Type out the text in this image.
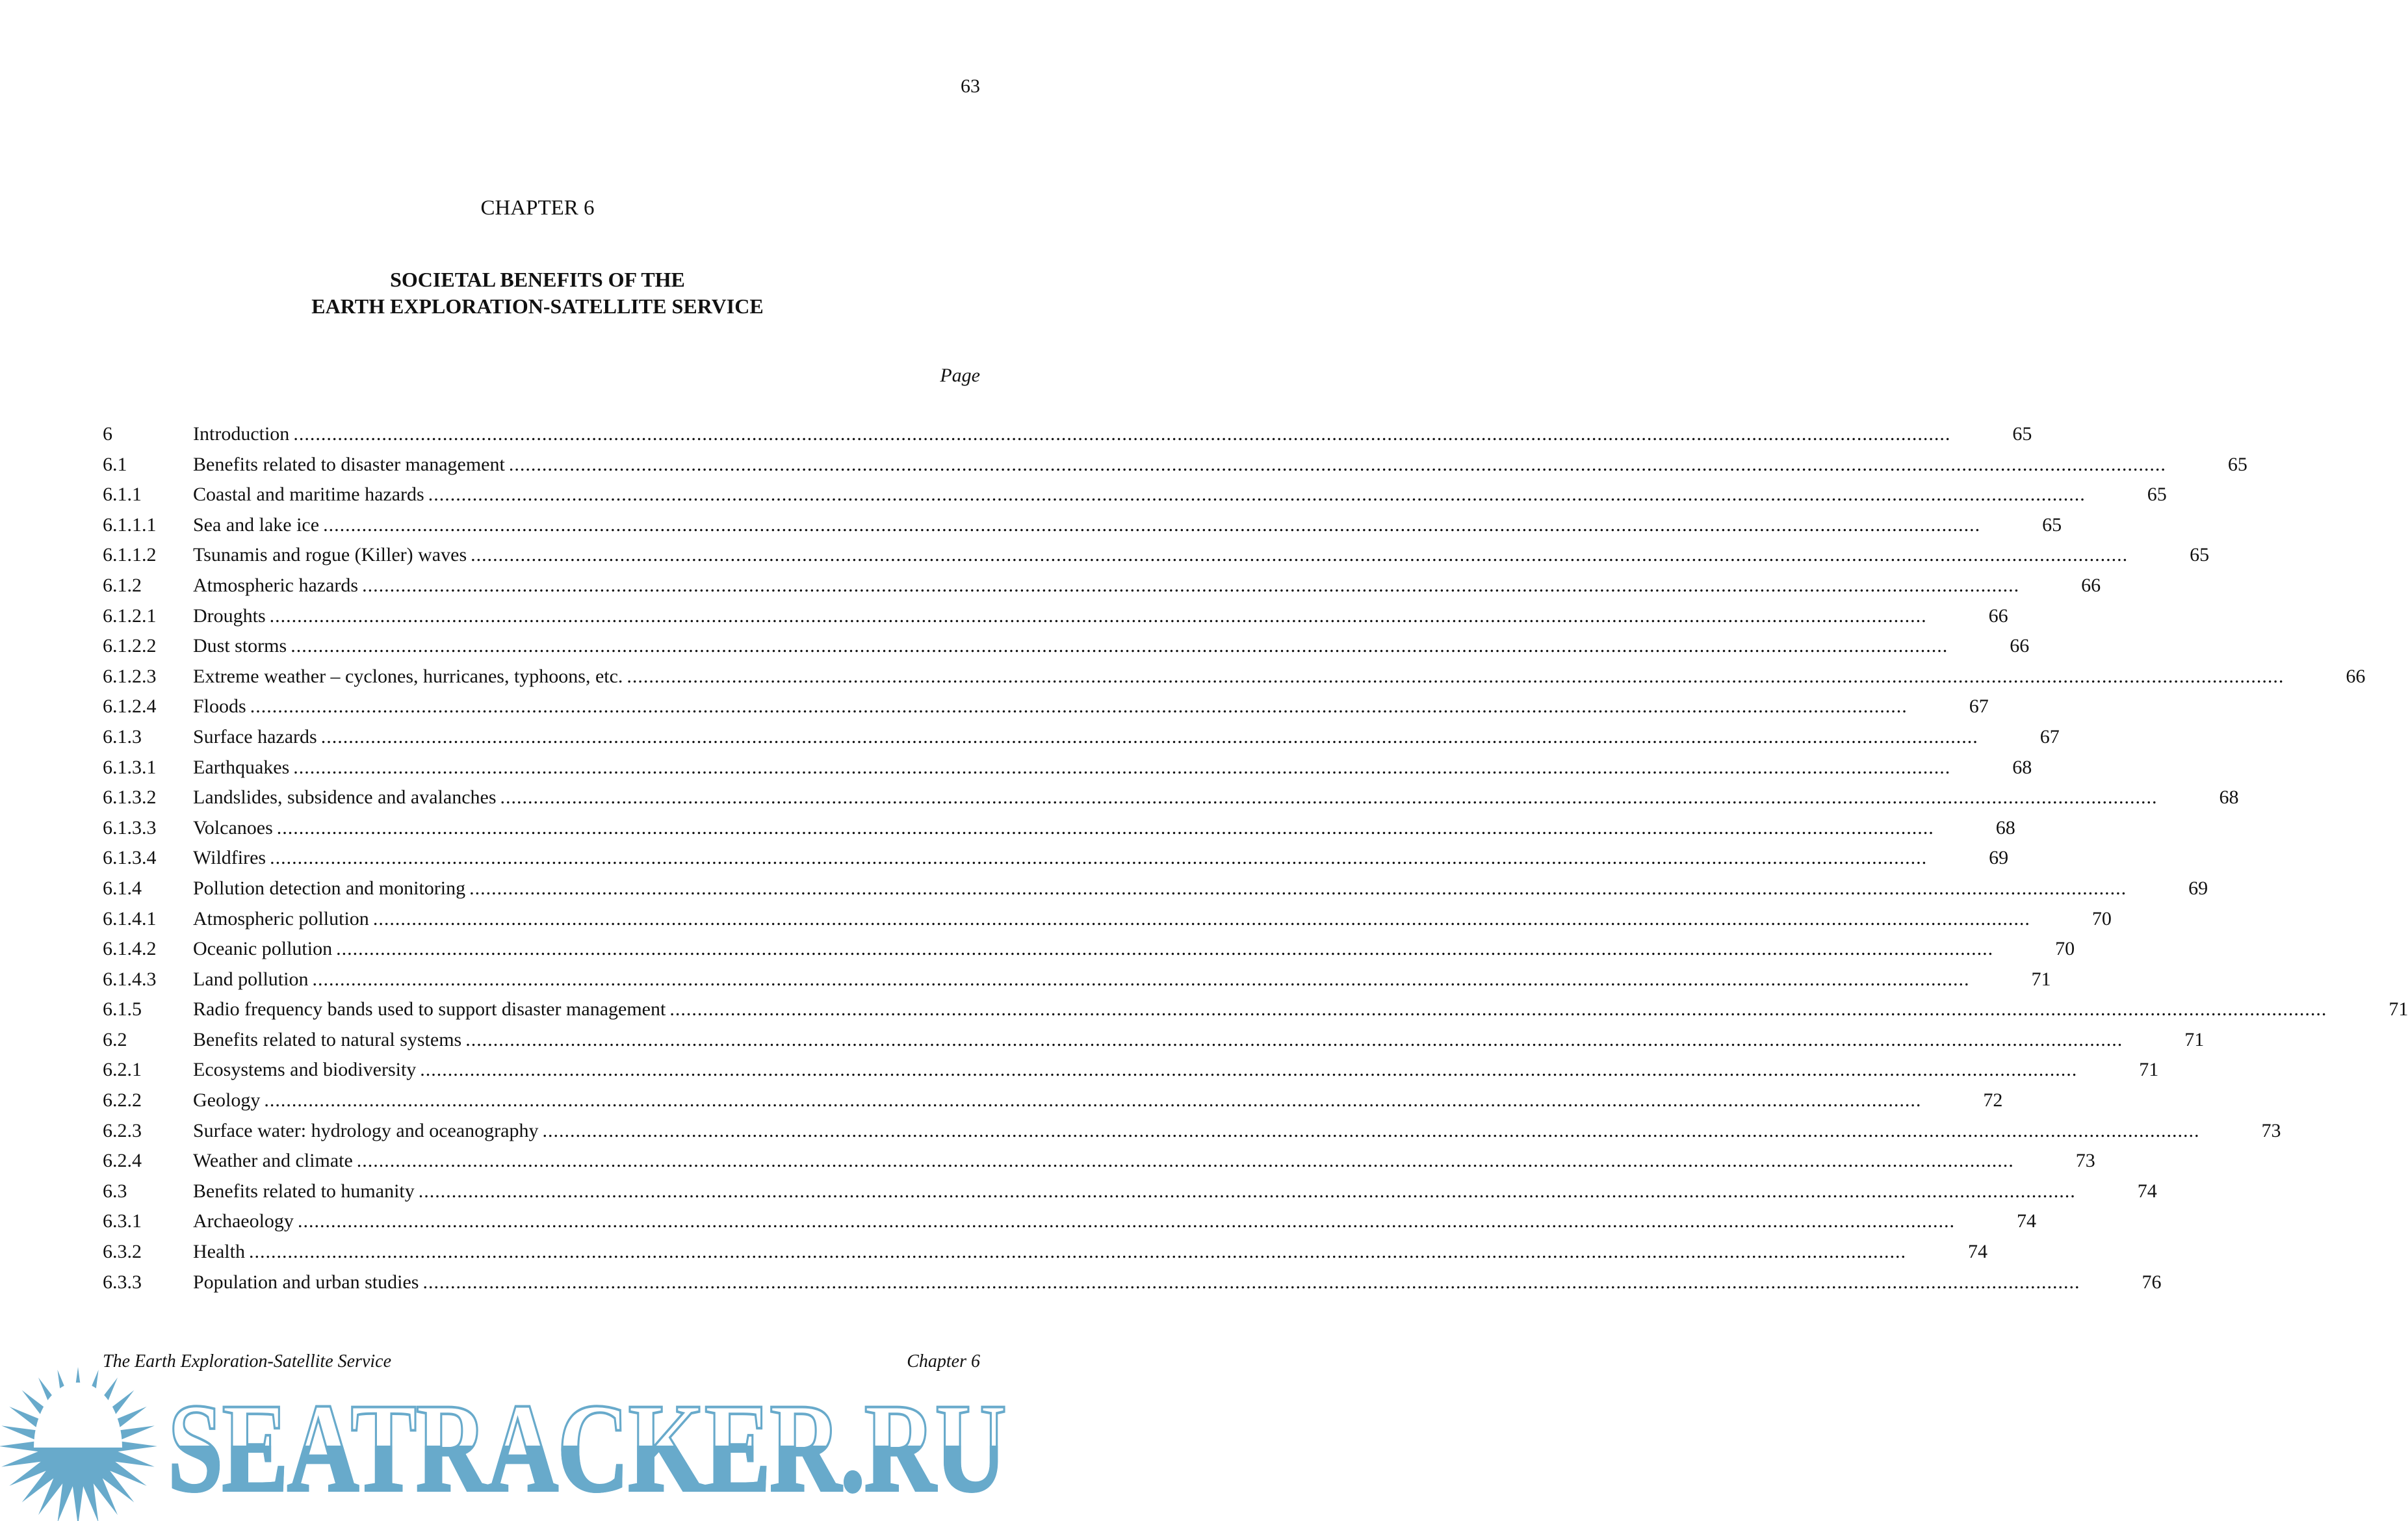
63
CHAPTER 6
SOCIETAL BENEFITS OF THE
EARTH EXPLORATION-SATELLITE SERVICE
Page
6	Introduction ............................................................................................................................................................................................................................................................................................................	65
6.1	Benefits related to disaster management ............................................................................................................................................................................................................................................................................................................	65
6.1.1	Coastal and maritime hazards ............................................................................................................................................................................................................................................................................................................	65
6.1.1.1	Sea and lake ice ............................................................................................................................................................................................................................................................................................................	65
6.1.1.2	Tsunamis and rogue (Killer) waves ............................................................................................................................................................................................................................................................................................................	65
6.1.2	Atmospheric hazards ............................................................................................................................................................................................................................................................................................................	66
6.1.2.1	Droughts ............................................................................................................................................................................................................................................................................................................	66
6.1.2.2	Dust storms ............................................................................................................................................................................................................................................................................................................	66
6.1.2.3	Extreme weather – cyclones, hurricanes, typhoons, etc. ............................................................................................................................................................................................................................................................................................................	66
6.1.2.4	Floods ............................................................................................................................................................................................................................................................................................................	67
6.1.3	Surface hazards ............................................................................................................................................................................................................................................................................................................	67
6.1.3.1	Earthquakes ............................................................................................................................................................................................................................................................................................................	68
6.1.3.2	Landslides, subsidence and avalanches ............................................................................................................................................................................................................................................................................................................	68
6.1.3.3	Volcanoes ............................................................................................................................................................................................................................................................................................................	68
6.1.3.4	Wildfires ............................................................................................................................................................................................................................................................................................................	69
6.1.4	Pollution detection and monitoring ............................................................................................................................................................................................................................................................................................................	69
6.1.4.1	Atmospheric pollution ............................................................................................................................................................................................................................................................................................................	70
6.1.4.2	Oceanic pollution ............................................................................................................................................................................................................................................................................................................	70
6.1.4.3	Land pollution ............................................................................................................................................................................................................................................................................................................	71
6.1.5	Radio frequency bands used to support disaster management ............................................................................................................................................................................................................................................................................................................	71
6.2	Benefits related to natural systems ............................................................................................................................................................................................................................................................................................................	71
6.2.1	Ecosystems and biodiversity ............................................................................................................................................................................................................................................................................................................	71
6.2.2	Geology ............................................................................................................................................................................................................................................................................................................	72
6.2.3	Surface water: hydrology and oceanography ............................................................................................................................................................................................................................................................................................................	73
6.2.4	Weather and climate ............................................................................................................................................................................................................................................................................................................	73
6.3	Benefits related to humanity ............................................................................................................................................................................................................................................................................................................	74
6.3.1	Archaeology ............................................................................................................................................................................................................................................................................................................	74
6.3.2	Health ............................................................................................................................................................................................................................................................................................................	74
6.3.3	Population and urban studies ............................................................................................................................................................................................................................................................................................................	76
SEATRACKER.RU
The Earth Exploration-Satellite Service	Chapter 6
